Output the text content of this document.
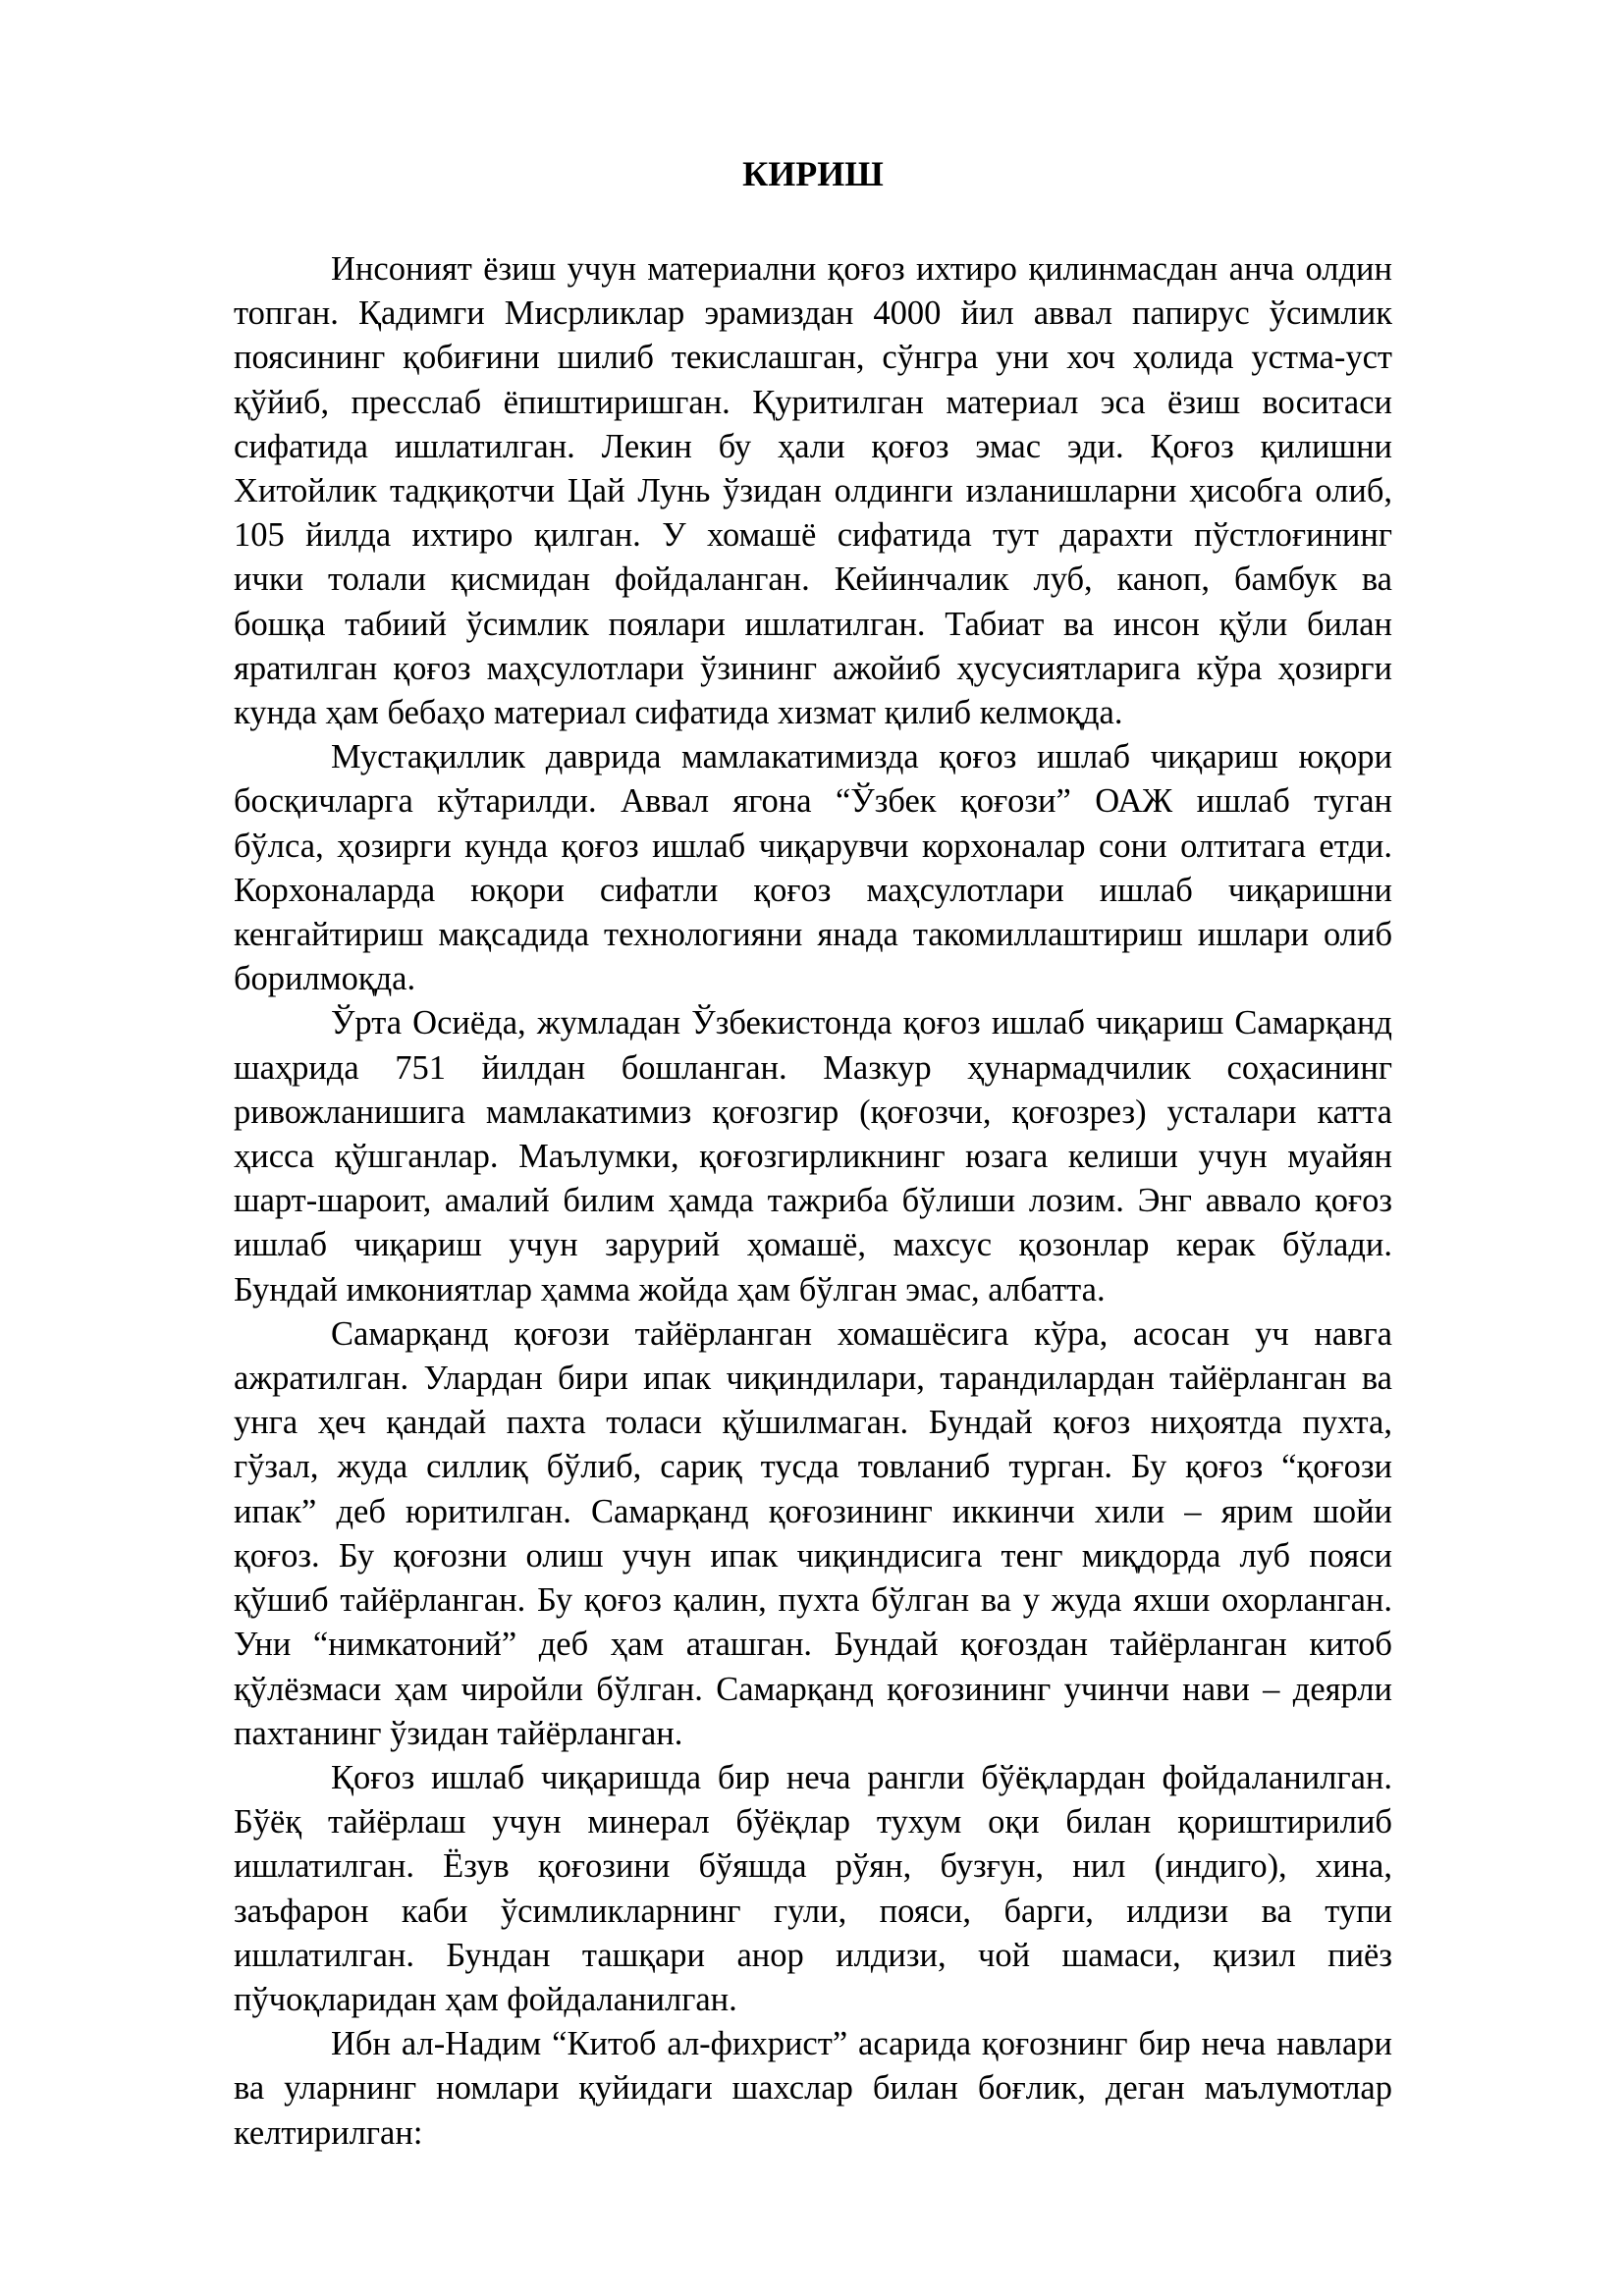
КИРИШ
Инсоният ёзиш учун материални қоғоз ихтиро қилинмасдан анча олдин
топган. Қадимги Мисрликлар эрамиздан 4000 йил аввал папирус ўсимлик
поясининг қобиғини шилиб текислашган, сўнгра уни хоч ҳолида устма-уст
қўйиб, пресслаб ёпиштиришган. Қуритилган материал эса ёзиш воситаси
сифатида ишлатилган. Лекин бу ҳали қоғоз эмас эди. Қоғоз қилишни
Хитойлик тадқиқотчи Цай Лунь ўзидан олдинги изланишларни ҳисобга олиб,
105 йилда ихтиро қилган. У хомашё сифатида тут дарахти пўстлоғининг
ички толали қисмидан фойдаланган. Кейинчалик луб, каноп, бамбук ва
бошқа табиий ўсимлик поялари ишлатилган. Табиат ва инсон қўли билан
яратилган қоғоз маҳсулотлари ўзининг ажойиб ҳусусиятларига кўра ҳозирги
кунда ҳам бебаҳо материал сифатида хизмат қилиб келмоқда.
Мустақиллик даврида мамлакатимизда қоғоз ишлаб чиқариш юқори
босқичларга кўтарилди. Аввал ягона “Ўзбек қоғози” ОАЖ ишлаб туган
бўлса, ҳозирги кунда қоғоз ишлаб чиқарувчи корхоналар сони олтитага етди.
Корхоналарда юқори сифатли қоғоз маҳсулотлари ишлаб чиқаришни
кенгайтириш мақсадида технологияни янада такомиллаштириш ишлари олиб
борилмоқда.
Ўрта Осиёда, жумладан Ўзбекистонда қоғоз ишлаб чиқариш Самарқанд
шаҳрида 751 йилдан бошланган. Мазкур ҳунармадчилик соҳасининг
ривожланишига мамлакатимиз қоғозгир (қоғозчи, қоғозрез) усталари катта
ҳисса қўшганлар. Маълумки, қоғозгирликнинг юзага келиши учун муайян
шарт-шароит, амалий билим ҳамда тажриба бўлиши лозим. Энг аввало қоғоз
ишлаб чиқариш учун зарурий ҳомашё, махсус қозонлар керак бўлади.
Бундай имкониятлар ҳамма жойда ҳам бўлган эмас, албатта.
Самарқанд қоғози тайёрланган хомашёсига кўра, асосан уч навга
ажратилган. Улардан бири ипак чиқиндилари, тарандилардан тайёрланган ва
унга ҳеч қандай пахта толаси қўшилмаган. Бундай қоғоз ниҳоятда пухта,
гўзал, жуда силлиқ бўлиб, сариқ тусда товланиб турган. Бу қоғоз “қоғози
ипак” деб юритилган. Самарқанд қоғозининг иккинчи хили – ярим шойи
қоғоз. Бу қоғозни олиш учун ипак чиқиндисига тенг миқдорда луб пояси
қўшиб тайёрланган. Бу қоғоз қалин, пухта бўлган ва у жуда яхши охорланган.
Уни “нимкатоний” деб ҳам аташган. Бундай қоғоздан тайёрланган китоб
қўлёзмаси ҳам чиройли бўлган. Самарқанд қоғозининг учинчи нави – деярли
пахтанинг ўзидан тайёрланган.
Қоғоз ишлаб чиқаришда бир неча рангли бўёқлардан фойдаланилган.
Бўёқ тайёрлаш учун минерал бўёқлар тухум оқи билан қориштирилиб
ишлатилган. Ёзув қоғозини бўяшда рўян, бузғун, нил (индиго), хина,
заъфарон каби ўсимликларнинг гули, пояси, барги, илдизи ва тупи
ишлатилган. Бундан ташқари анор илдизи, чой шамаси, қизил пиёз
пўчоқларидан ҳам фойдаланилган.
Ибн ал-Надим “Китоб ал-фихрист” асарида қоғознинг бир неча навлари
ва уларнинг номлари қуйидаги шахслар билан боғлик, деган маълумотлар
келтирилган:
